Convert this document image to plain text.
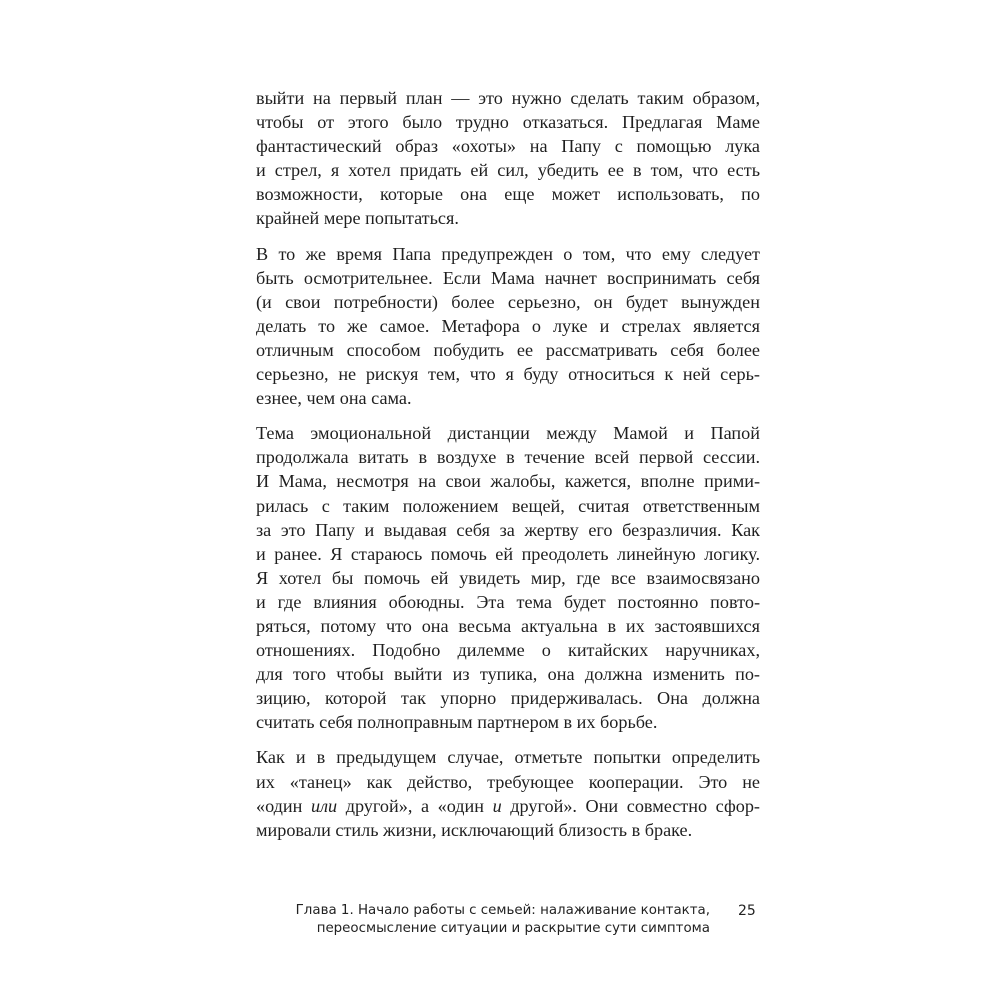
выйти на первый план — это нужно сделать таким образом,
чтобы от этого было трудно отказаться. Предлагая Маме
фантастический образ «охоты» на Папу с помощью лука
и стрел, я хотел придать ей сил, убедить ее в том, что есть
возможности, которые она еще может использовать, по
крайней мере попытаться.
В то же время Папа предупрежден о том, что ему следует
быть осмотрительнее. Если Мама начнет воспринимать себя
(и свои потребности) более серьезно, он будет вынужден
делать то же самое. Метафора о луке и стрелах является
отличным способом побудить ее рассматривать себя более
серьезно, не рискуя тем, что я буду относиться к ней серь-
езнее, чем она сама.
Тема эмоциональной дистанции между Мамой и Папой
продолжала витать в воздухе в течение всей первой сессии.
И Мама, несмотря на свои жалобы, кажется, вполне прими-
рилась с таким положением вещей, считая ответственным
за это Папу и выдавая себя за жертву его безразличия. Как
и ранее. Я стараюсь помочь ей преодолеть линейную логику.
Я хотел бы помочь ей увидеть мир, где все взаимосвязано
и где влияния обоюдны. Эта тема будет постоянно повто-
ряться, потому что она весьма актуальна в их застоявшихся
отношениях. Подобно дилемме о китайских наручниках,
для того чтобы выйти из тупика, она должна изменить по-
зицию, которой так упорно придерживалась. Она должна
считать себя полноправным партнером в их борьбе.
Как и в предыдущем случае, отметьте попытки определить
их «танец» как действо, требующее кооперации. Это не
«один или другой», а «один и другой». Они совместно сфор-
мировали стиль жизни, исключающий близость в браке.
Глава 1. Начало работы с семьей: налаживание контакта,
переосмысление ситуации и раскрытие сути симптома
25
